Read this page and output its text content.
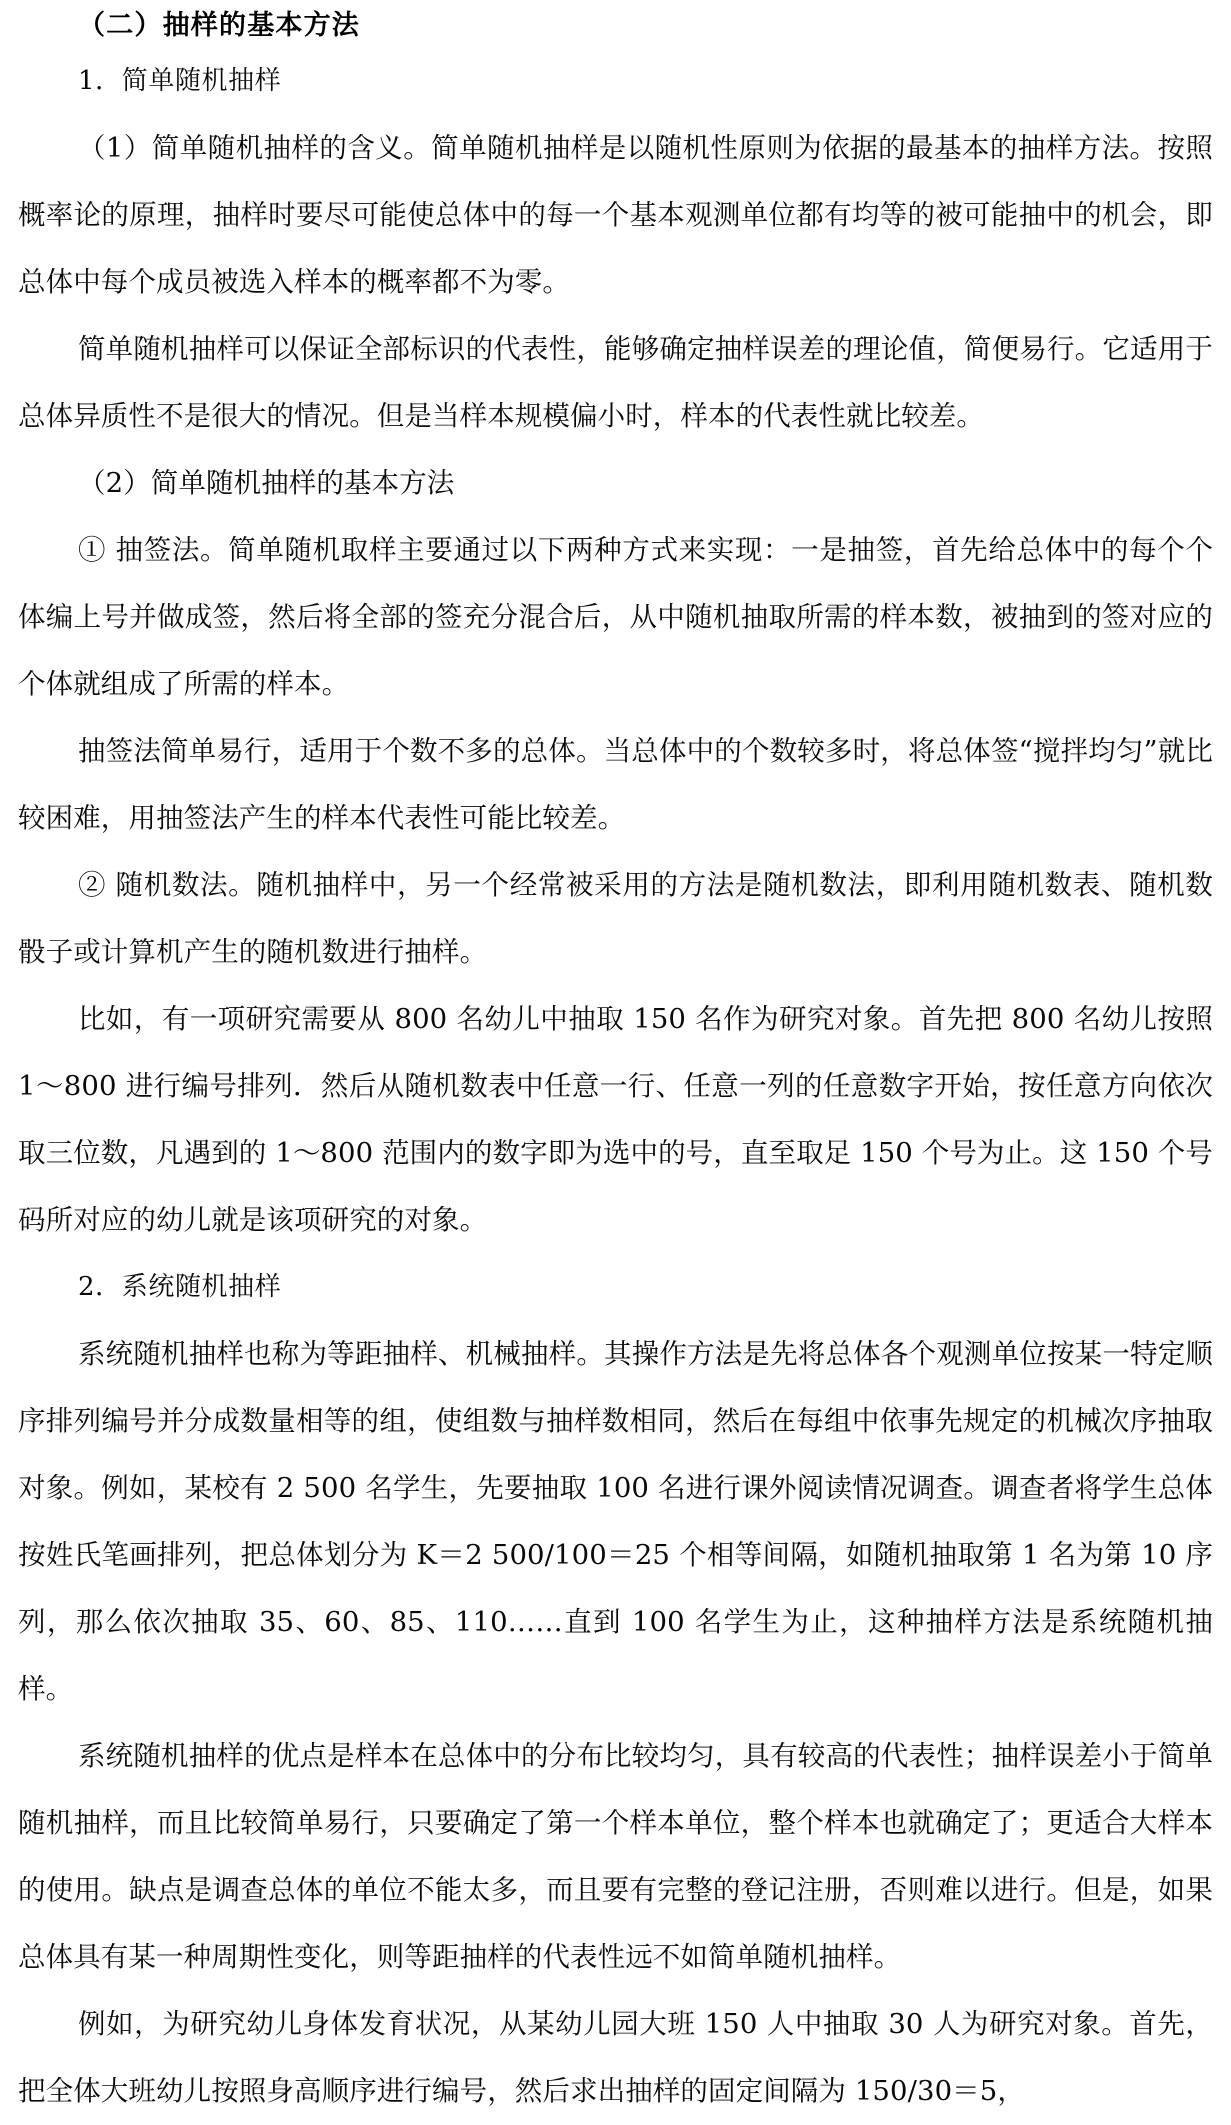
（二）抽样的基本方法

1．简单随机抽样

（1）简单随机抽样的含义。简单随机抽样是以随机性原则为依据的最基本的抽样方法。按照概率论的原理，抽样时要尽可能使总体中的每一个基本观测单位都有均等的被可能抽中的机会，即总体中每个成员被选入样本的概率都不为零。

简单随机抽样可以保证全部标识的代表性，能够确定抽样误差的理论值，简便易行。它适用于总体异质性不是很大的情况。但是当样本规模偏小时，样本的代表性就比较差。

（2）简单随机抽样的基本方法

① 抽签法。简单随机取样主要通过以下两种方式来实现：一是抽签，首先给总体中的每个个体编上号并做成签，然后将全部的签充分混合后，从中随机抽取所需的样本数，被抽到的签对应的个体就组成了所需的样本。

抽签法简单易行，适用于个数不多的总体。当总体中的个数较多时，将总体签“搅拌均匀”就比较困难，用抽签法产生的样本代表性可能比较差。

② 随机数法。随机抽样中，另一个经常被采用的方法是随机数法，即利用随机数表、随机数骰子或计算机产生的随机数进行抽样。

比如，有一项研究需要从 800 名幼儿中抽取 150 名作为研究对象。首先把 800 名幼儿按照 1～800 进行编号排列．然后从随机数表中任意一行、任意一列的任意数字开始，按任意方向依次取三位数，凡遇到的 1～800 范围内的数字即为选中的号，直至取足 150 个号为止。这 150 个号码所对应的幼儿就是该项研究的对象。

2．系统随机抽样

系统随机抽样也称为等距抽样、机械抽样。其操作方法是先将总体各个观测单位按某一特定顺序排列编号并分成数量相等的组，使组数与抽样数相同，然后在每组中依事先规定的机械次序抽取对象。例如，某校有 2 500 名学生，先要抽取 100 名进行课外阅读情况调查。调查者将学生总体按姓氏笔画排列，把总体划分为 K＝2 500/100＝25 个相等间隔，如随机抽取第 1 名为第 10 序列，那么依次抽取 35、60、85、110……直到 100 名学生为止，这种抽样方法是系统随机抽样。

系统随机抽样的优点是样本在总体中的分布比较均匀，具有较高的代表性；抽样误差小于简单随机抽样，而且比较简单易行，只要确定了第一个样本单位，整个样本也就确定了；更适合大样本的使用。缺点是调查总体的单位不能太多，而且要有完整的登记注册，否则难以进行。但是，如果总体具有某一种周期性变化，则等距抽样的代表性远不如简单随机抽样。

例如，为研究幼儿身体发育状况，从某幼儿园大班 150 人中抽取 30 人为研究对象。首先，把全体大班幼儿按照身高顺序进行编号，然后求出抽样的固定间隔为 150/30＝5，
